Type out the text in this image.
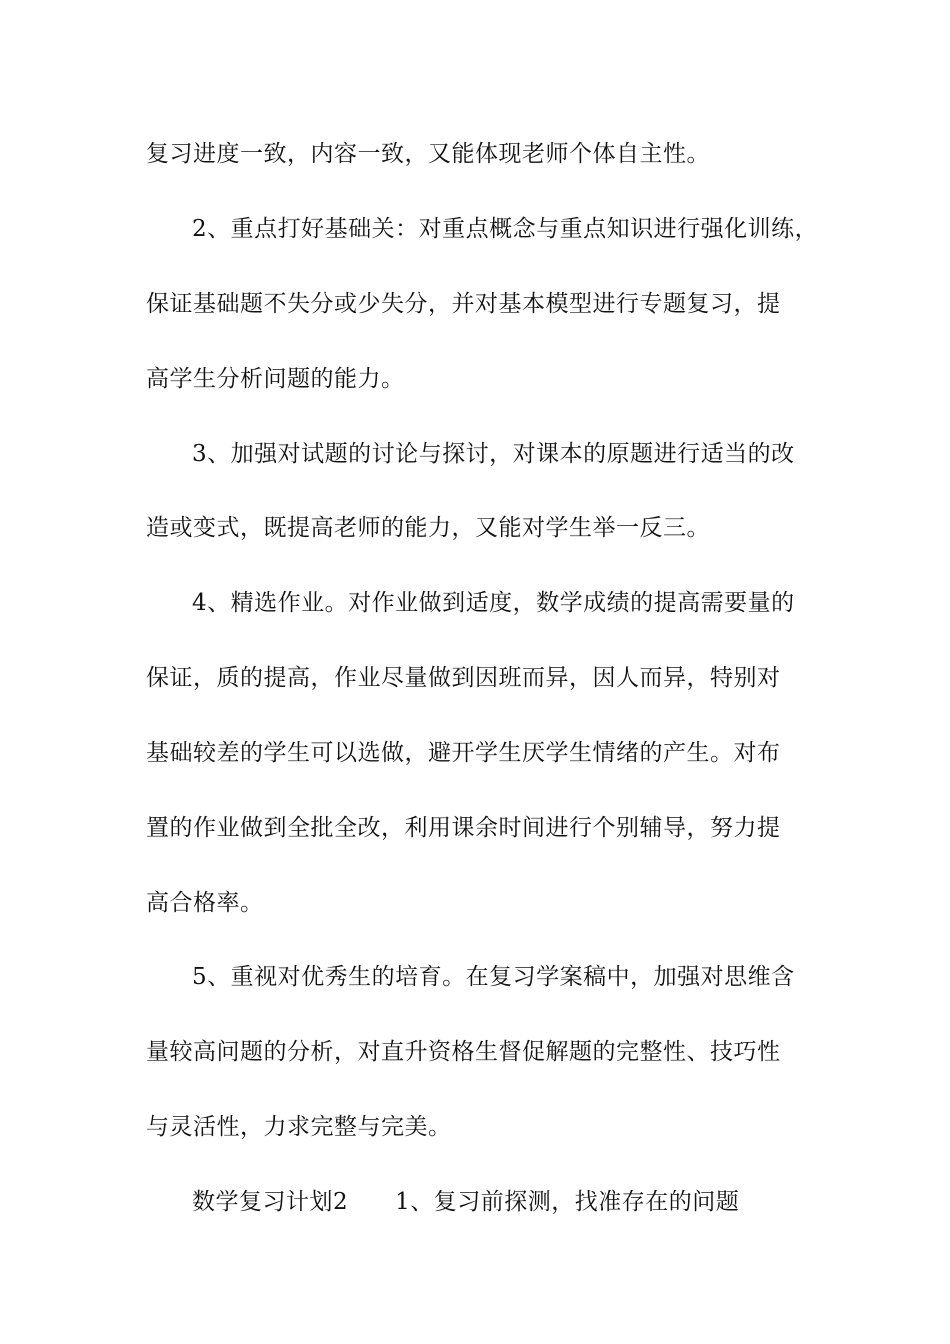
复习进度一致，内容一致，又能体现老师个体自主性。
2、重点打好基础关：对重点概念与重点知识进行强化训练，
保证基础题不失分或少失分，并对基本模型进行专题复习，提
高学生分析问题的能力。
3、加强对试题的讨论与探讨，对课本的原题进行适当的改
造或变式，既提高老师的能力，又能对学生举一反三。
4、精选作业。对作业做到适度，数学成绩的提高需要量的
保证，质的提高，作业尽量做到因班而异，因人而异，特别对
基础较差的学生可以选做，避开学生厌学生情绪的产生。对布
置的作业做到全批全改，利用课余时间进行个别辅导，努力提
高合格率。
5、重视对优秀生的培育。在复习学案稿中，加强对思维含
量较高问题的分析，对直升资格生督促解题的完整性、技巧性
与灵活性，力求完整与完美。
数学复习计划2　　1、复习前探测，找准存在的问题
